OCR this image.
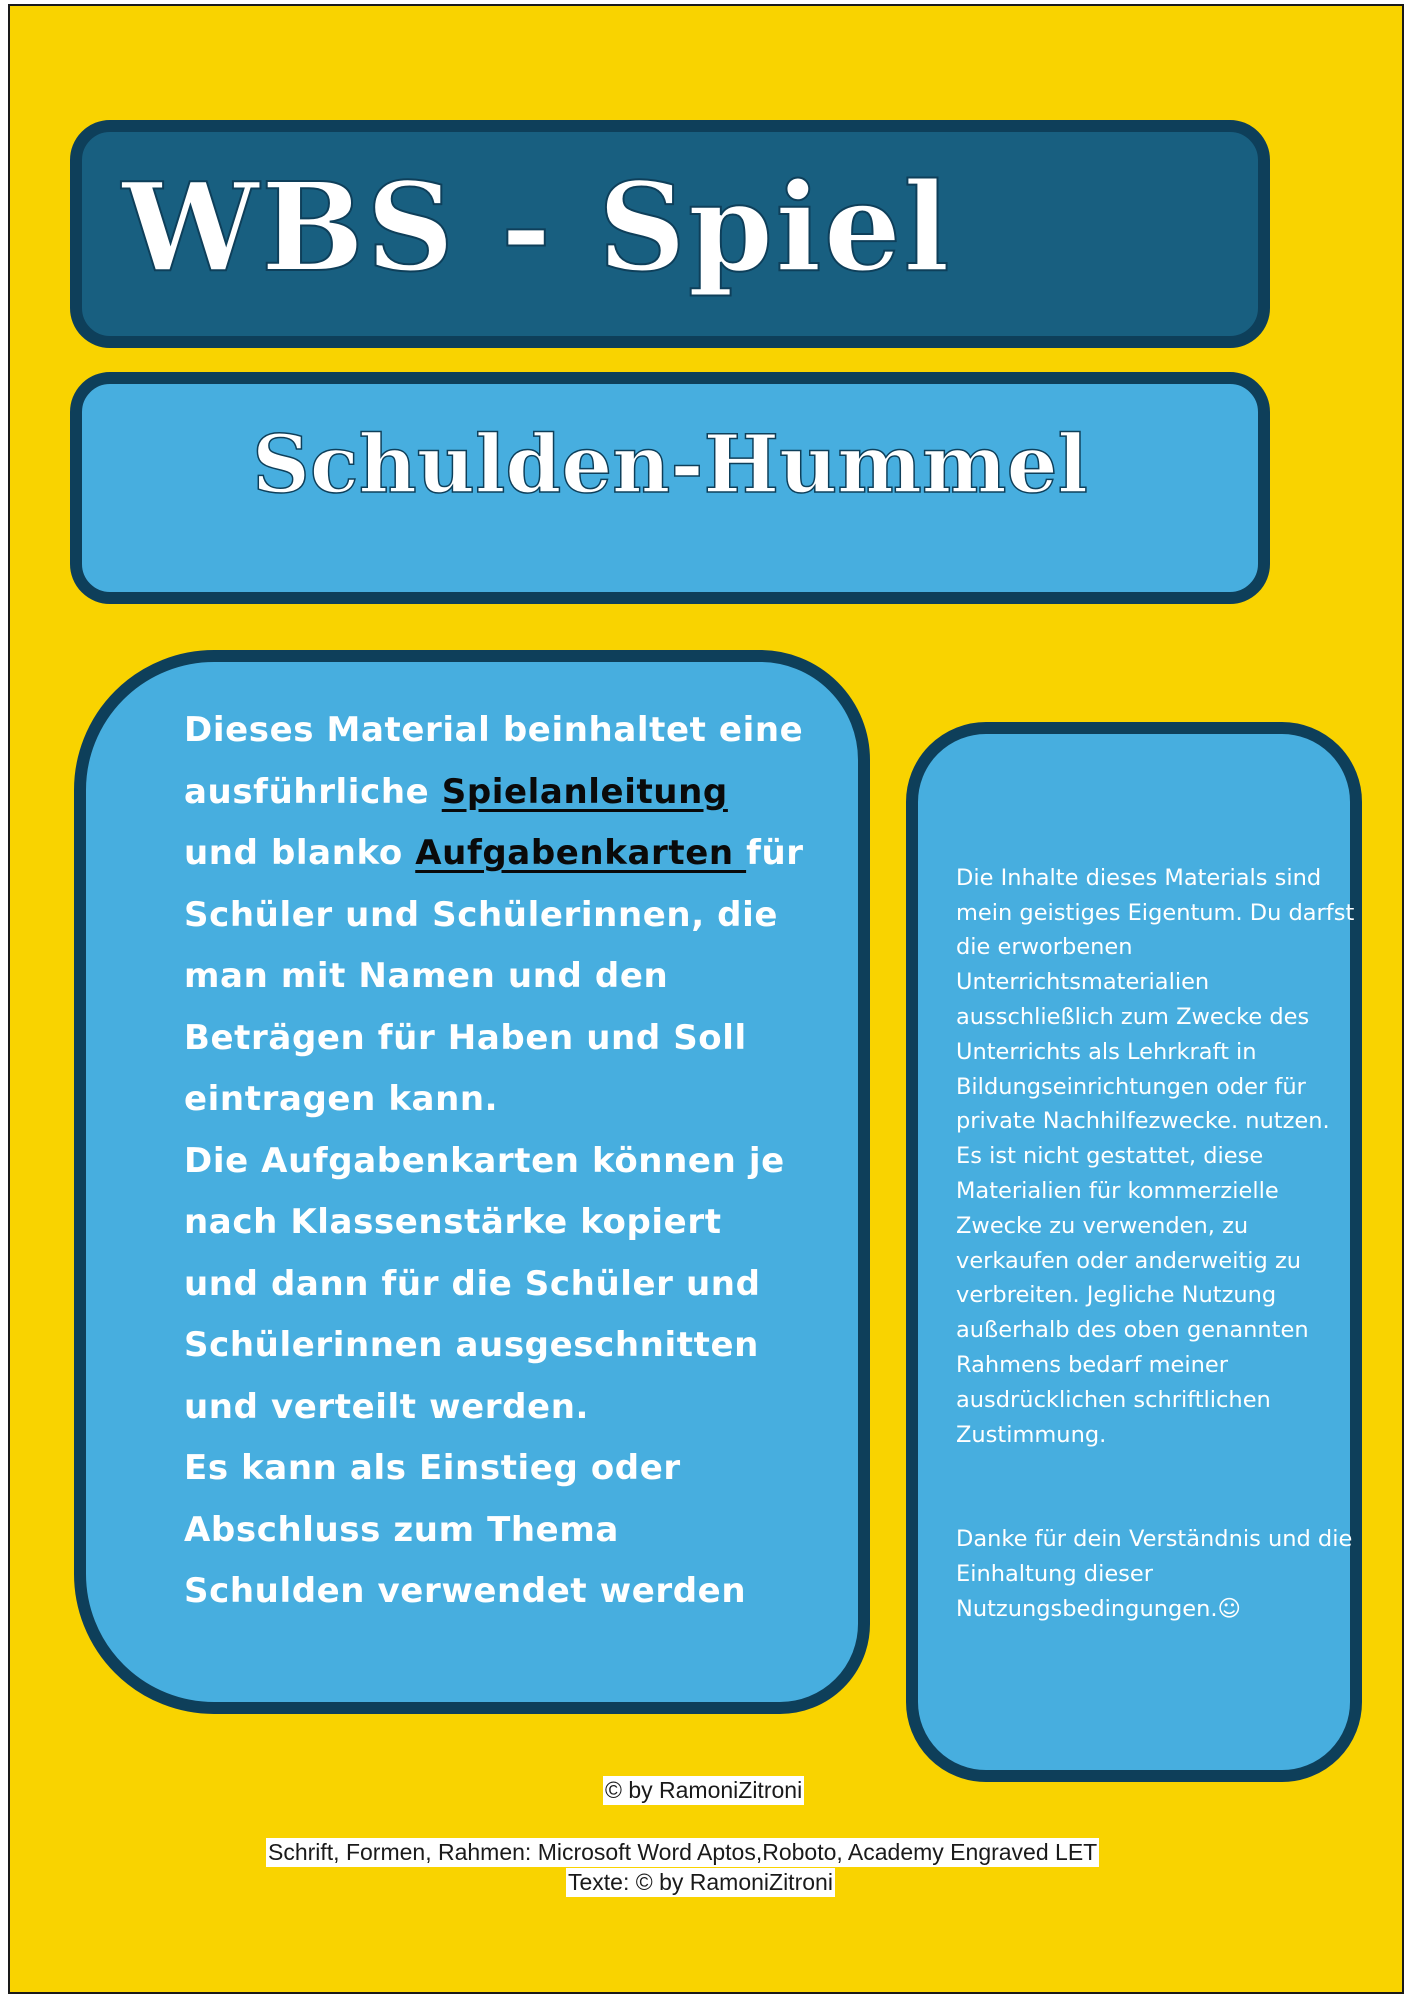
WBS - Spiel
Schulden-Hummel
Dieses Material beinhaltet eine ausführliche Spielanleitung und blanko Aufgabenkarten für Schüler und Schülerinnen, die man mit Namen und den Beträgen für Haben und Soll eintragen kann.
Die Aufgabenkarten können je nach Klassenstärke kopiert und dann für die Schüler und Schülerinnen ausgeschnitten und verteilt werden.
Es kann als Einstieg oder Abschluss zum Thema Schulden verwendet werden

Die Inhalte dieses Materials sind mein geistiges Eigentum. Du darfst die erworbenen Unterrichtsmaterialien ausschließlich zum Zwecke des Unterrichts als Lehrkraft in Bildungseinrichtungen oder für private Nachhilfezwecke. nutzen. Es ist nicht gestattet, diese Materialien für kommerzielle Zwecke zu verwenden, zu verkaufen oder anderweitig zu verbreiten. Jegliche Nutzung außerhalb des oben genannten Rahmens bedarf meiner ausdrücklichen schriftlichen Zustimmung.

Danke für dein Verständnis und die Einhaltung dieser Nutzungsbedingungen.☺

© by RamoniZitroni
Schrift, Formen, Rahmen: Microsoft Word Aptos,Roboto, Academy Engraved LET
Texte: © by RamoniZitroni
